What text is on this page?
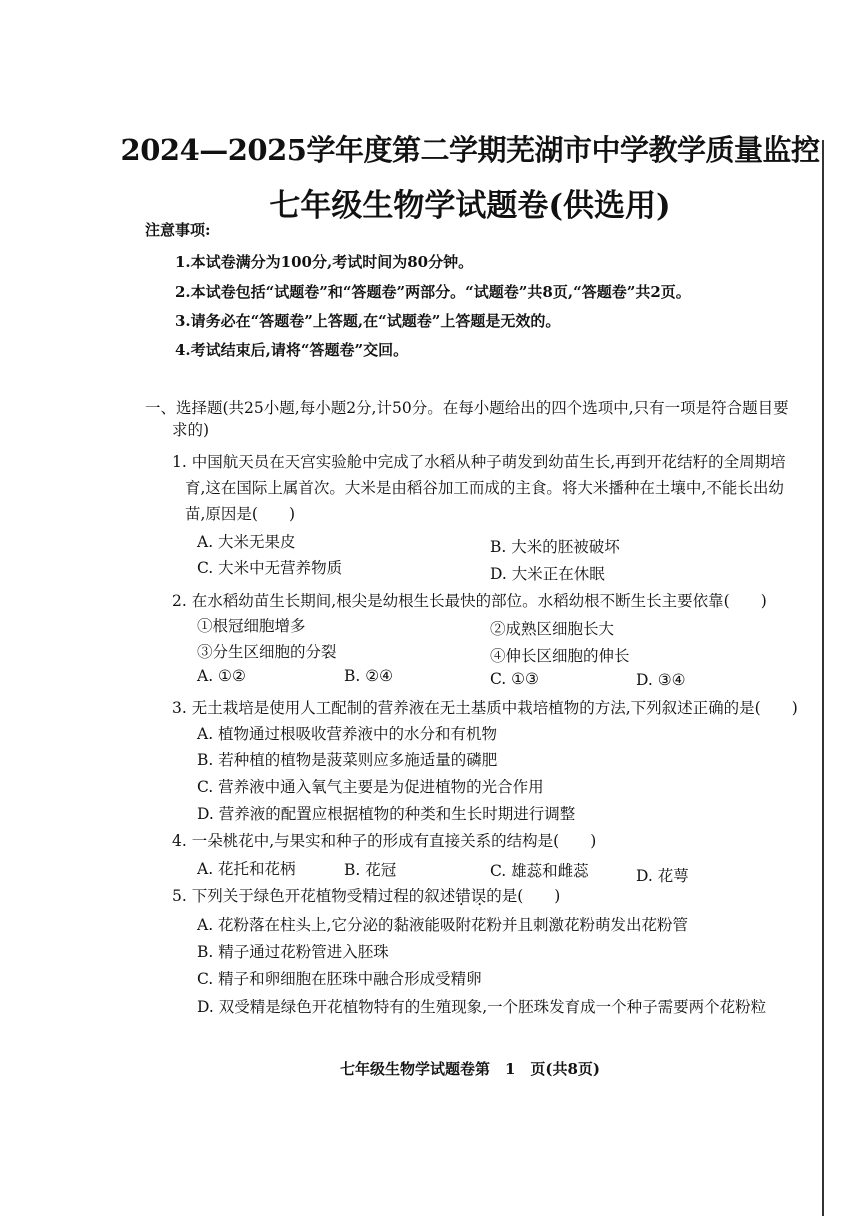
2024—2025学年度第二学期芜湖市中学教学质量监控
七年级生物学试题卷(供选用)
注意事项:
1.本试卷满分为100分,考试时间为80分钟。
2.本试卷包括“试题卷”和“答题卷”两部分。“试题卷”共8页,“答题卷”共2页。
3.请务必在“答题卷”上答题,在“试题卷”上答题是无效的。
4.考试结束后,请将“答题卷”交回。
一、选择题(共25小题,每小题2分,计50分。在每小题给出的四个选项中,只有一项是符合题目要
求的)
1. 中国航天员在天宫实验舱中完成了水稻从种子萌发到幼苗生长,再到开花结籽的全周期培
育,这在国际上属首次。大米是由稻谷加工而成的主食。将大米播种在土壤中,不能长出幼
苗,原因是(　　)
A. 大米无果皮	B. 大米的胚被破坏
C. 大米中无营养物质	D. 大米正在休眠
2. 在水稻幼苗生长期间,根尖是幼根生长最快的部位。水稻幼根不断生长主要依靠(　　)
①根冠细胞增多	②成熟区细胞长大
③分生区细胞的分裂	④伸长区细胞的伸长
A. ①②	B. ②④	C. ①③	D. ③④
3. 无土栽培是使用人工配制的营养液在无土基质中栽培植物的方法,下列叙述正确的是(　　)
A. 植物通过根吸收营养液中的水分和有机物
B. 若种植的植物是菠菜则应多施适量的磷肥
C. 营养液中通入氧气主要是为促进植物的光合作用
D. 营养液的配置应根据植物的种类和生长时期进行调整
4. 一朵桃花中,与果实和种子的形成有直接关系的结构是(　　)
A. 花托和花柄	B. 花冠	C. 雄蕊和雌蕊	D. 花萼
5. 下列关于绿色开花植物受精过程的叙述错误 • •的是(　　)
A. 花粉落在柱头上,它分泌的黏液能吸附花粉并且刺激花粉萌发出花粉管
B. 精子通过花粉管进入胚珠
C. 精子和卵细胞在胚珠中融合形成受精卵
D. 双受精是绿色开花植物特有的生殖现象,一个胚珠发育成一个种子需要两个花粉粒
七年级生物学试题卷第　1　页(共8页)
